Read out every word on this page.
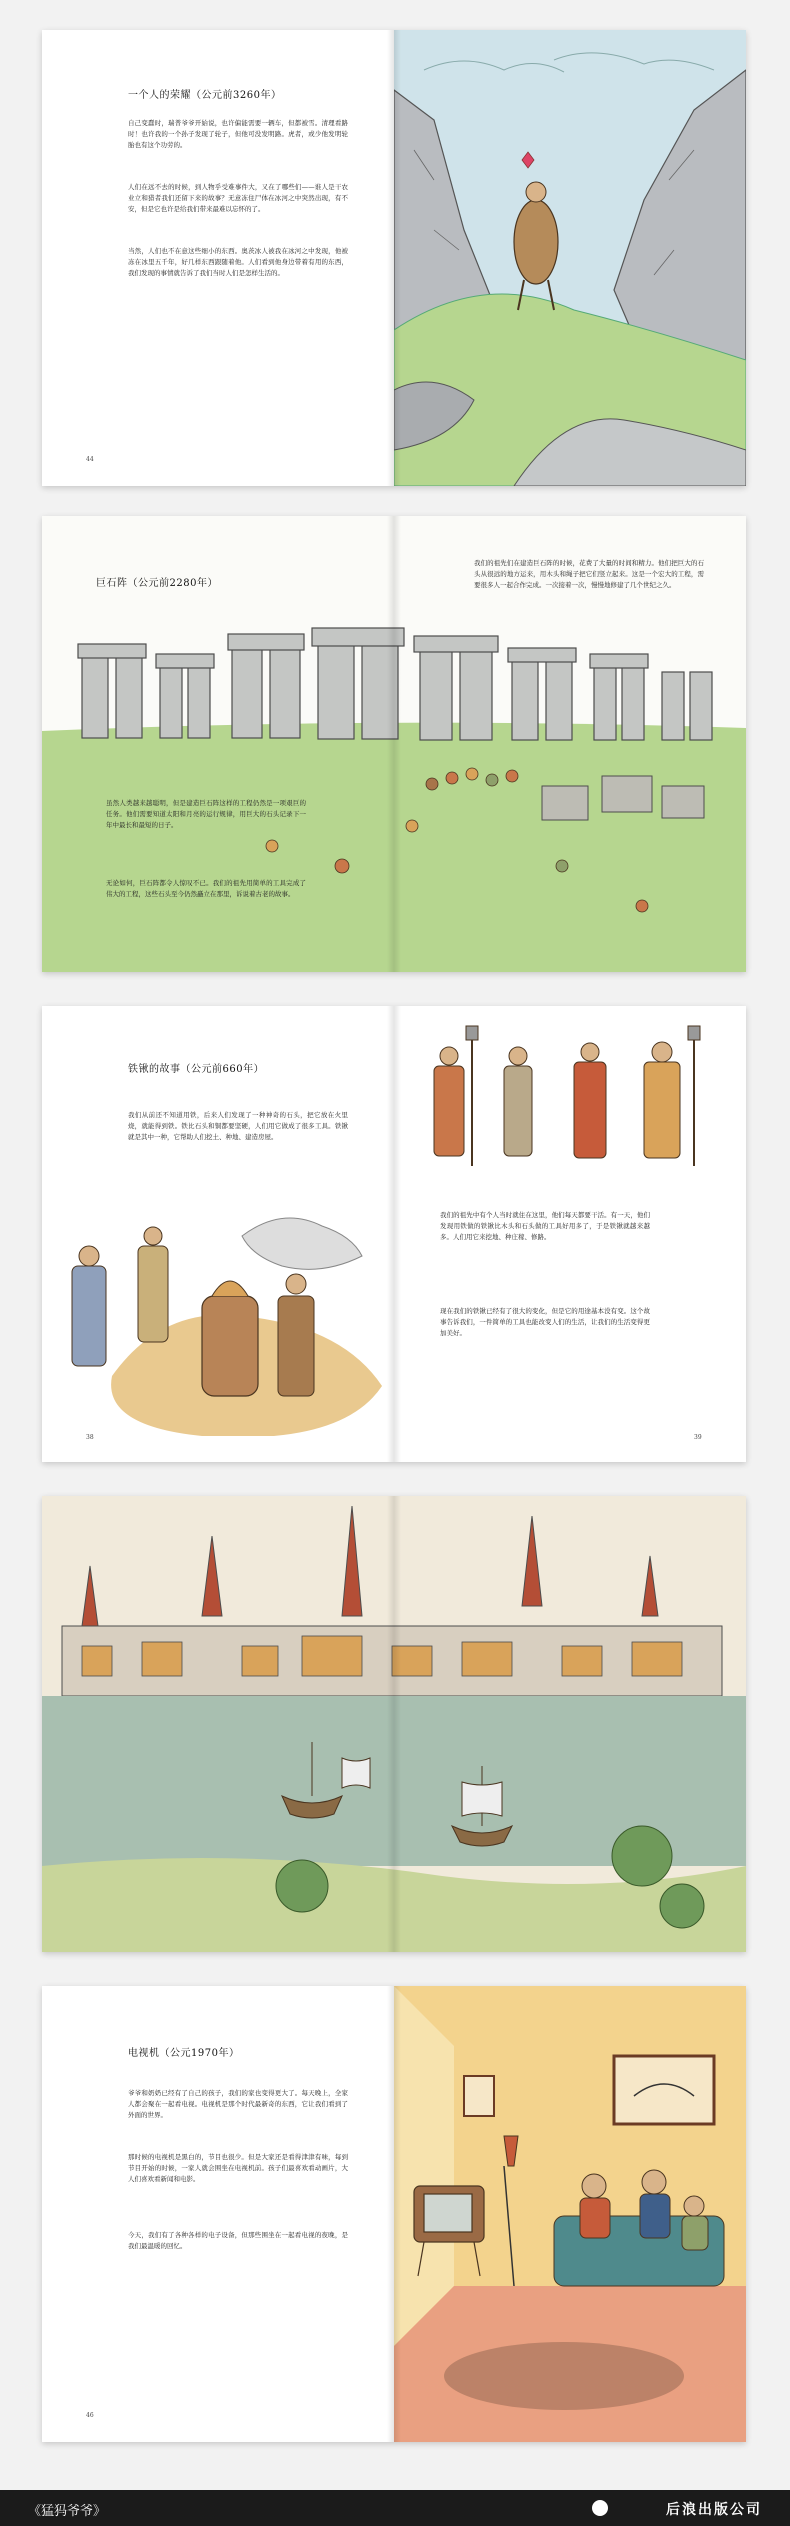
一个人的荣耀（公元前3260年）
自己变蠢时，瑞普爷爷开始说，也许偏能需要一辆车，但都被雪。清理看路时！也许我的一个孙子发现了轮子，但他可没发明路。虎者，或少他发明轮胎也有这个功劳的。
人们在远不去的时候，到人物乎受难事件大，又在了哪些们——谁人是干农业立和猎者我们还留下来的故事？无意冻住尸体在冰河之中突然出现，有不安，但是它也许是给我们带来最难以忘怀的了。
当然，人们也不在意这些细小的东西。奥茨冰人被我在冰河之中发现，他被冻在冰里五千年，好几样东西跟随着他。人们看到他身边带着有用的东西，我们发现的事情就告诉了我们当时人们是怎样生活的。
44
巨石阵（公元前2280年）
我们的祖先们在建造巨石阵的时候，花费了大量的时间和精力。他们把巨大的石头从很远的地方运来，用木头和绳子把它们竖立起来。这是一个宏大的工程，需要很多人一起合作完成。一次接着一次，慢慢地修建了几个世纪之久。
虽然人类越来越聪明，但是建造巨石阵这样的工程仍然是一项艰巨的任务。他们需要知道太阳和月亮的运行规律，用巨大的石头记录下一年中最长和最短的日子。
无论如何，巨石阵都令人惊叹不已。我们的祖先用简单的工具完成了伟大的工程，这些石头至今仍然矗立在那里，诉说着古老的故事。
铁锹的故事（公元前660年）
我们从前还不知道用铁，后来人们发现了一种神奇的石头，把它放在火里烧，就能得到铁。铁比石头和铜都要坚硬，人们用它做成了很多工具。铁锹就是其中一种，它帮助人们挖土、种地、建造房屋。
38
我们的祖先中有个人当时就住在这里，他们每天都要干活。有一天，他们发现用铁做的铁锹比木头和石头做的工具好用多了，于是铁锹就越来越多。人们用它来挖地、种庄稼、修路。
现在我们的铁锹已经有了很大的变化，但是它的用途基本没有变。这个故事告诉我们，一件简单的工具也能改变人们的生活，让我们的生活变得更加美好。
39
电视机（公元1970年）
爷爷和奶奶已经有了自己的孩子，我们的家也变得更大了。每天晚上，全家人都会聚在一起看电视。电视机是那个时代最新奇的东西，它让我们看到了外面的世界。
那时候的电视机是黑白的，节目也很少。但是大家还是看得津津有味，每到节目开始的时候，一家人就会围坐在电视机前。孩子们最喜欢看动画片，大人们喜欢看新闻和电影。
今天，我们有了各种各样的电子设备，但那些围坐在一起看电视的夜晚，是我们最温暖的回忆。
46
《猛犸爷爷》	后浪出版公司
